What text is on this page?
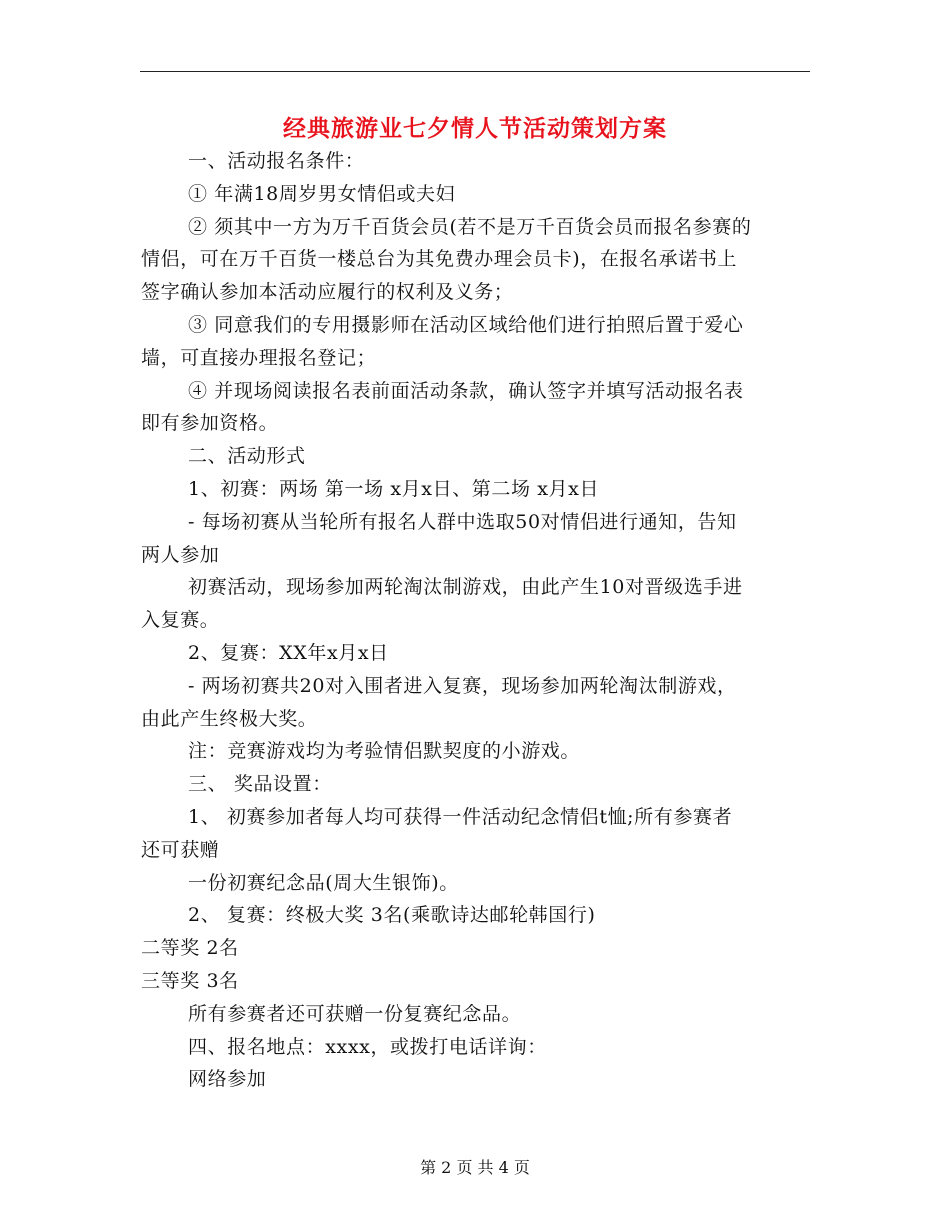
经典旅游业七夕情人节活动策划方案

一、活动报名条件：

① 年满18周岁男女情侣或夫妇

② 须其中一方为万千百货会员(若不是万千百货会员而报名参赛的

情侣，可在万千百货一楼总台为其免费办理会员卡)，在报名承诺书上

签字确认参加本活动应履行的权利及义务；

③ 同意我们的专用摄影师在活动区域给他们进行拍照后置于爱心

墙，可直接办理报名登记；

④ 并现场阅读报名表前面活动条款，确认签字并填写活动报名表

即有参加资格。

二、活动形式

1、初赛：两场 第一场 x月x日、第二场 x月x日

- 每场初赛从当轮所有报名人群中选取50对情侣进行通知，告知

两人参加

初赛活动，现场参加两轮淘汰制游戏，由此产生10对晋级选手进

入复赛。

2、复赛：XX年x月x日

- 两场初赛共20对入围者进入复赛，现场参加两轮淘汰制游戏，

由此产生终极大奖。

注：竞赛游戏均为考验情侣默契度的小游戏。

三、 奖品设置：

1、 初赛参加者每人均可获得一件活动纪念情侣t恤;所有参赛者

还可获赠

一份初赛纪念品(周大生银饰)。

2、 复赛：终极大奖 3名(乘歌诗达邮轮韩国行)

二等奖 2名

三等奖 3名

所有参赛者还可获赠一份复赛纪念品。

四、报名地点：xxxx，或拨打电话详询：

网络参加

第 2 页 共 4 页
